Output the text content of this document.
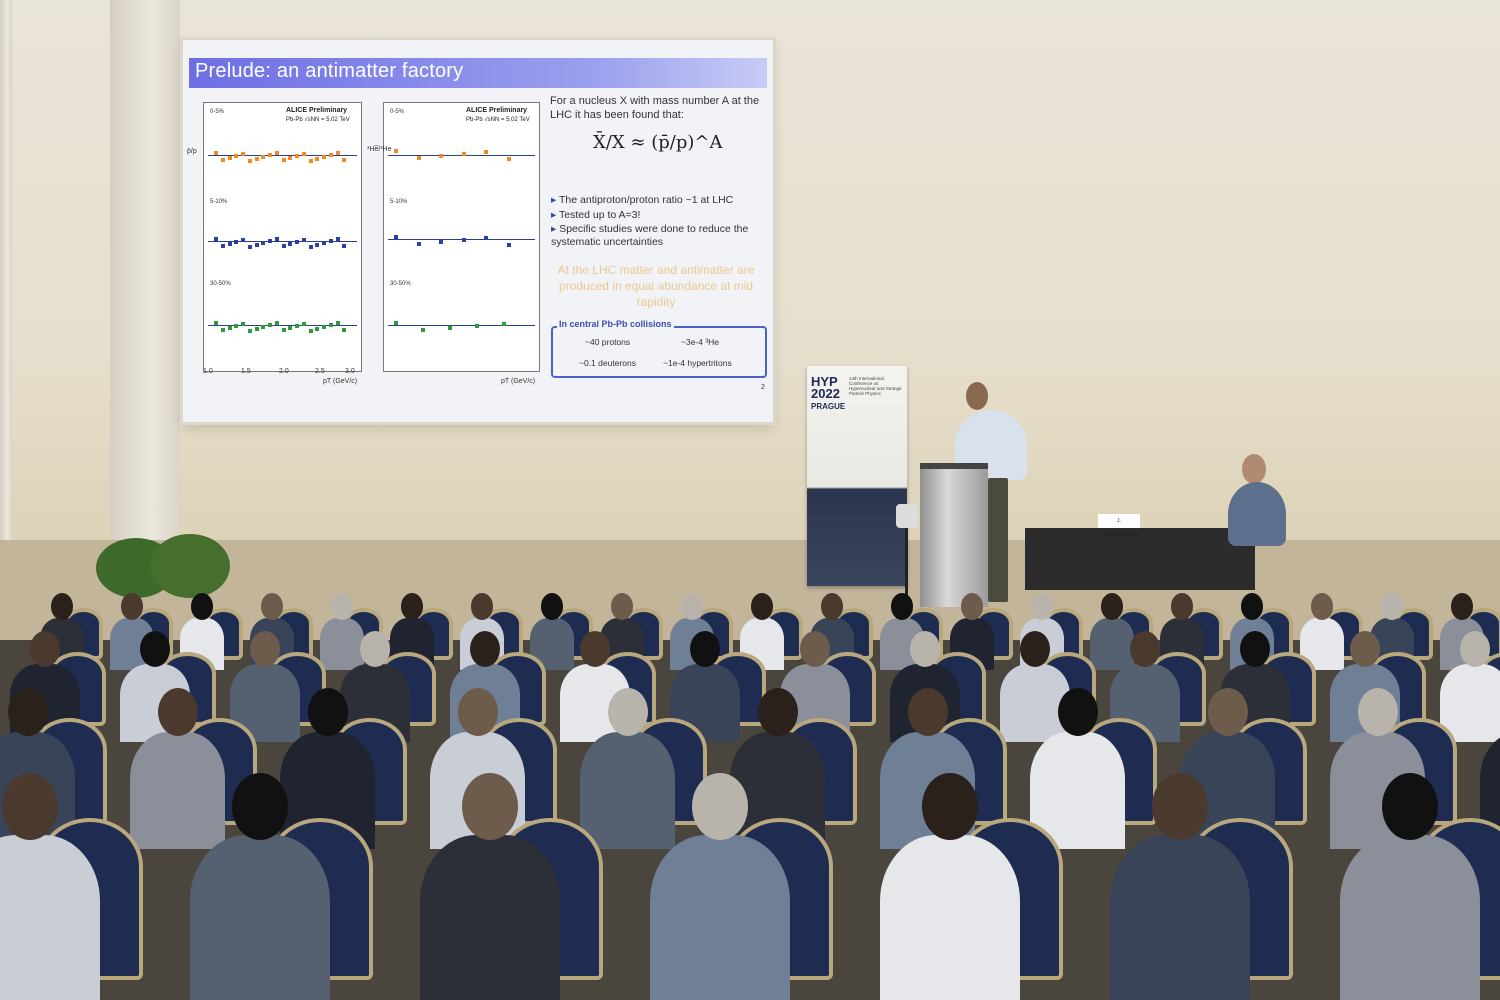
Prelude: an antimatter factory
ALICE Preliminary
Pb-Pb √sNN = 5.02 TeV
0-5%
5-10%
30-50%
pT (GeV/c)
1.0	1.5	2.0	2.5	3.0
p̄/p
ALICE Preliminary
Pb-Pb √sNN = 5.02 TeV
0-5%
5-10%
30-50%
pT (GeV/c)
³He̅/³He
For a nucleus X with mass number A at the LHC it has been found that:
X̄/X ≈ (p̄/p)^A
▸ The antiproton/proton ratio ~1 at LHC
▸ Tested up to A=3!
▸ Specific studies were done to reduce the systematic uncertainties
At the LHC matter and antimatter are produced in equal abundance at mid rapidity
In central Pb-Pb collisions
~40 protons	~3e-4 ³He
~0.1 deuterons	~1e-4 hypertritons
2	HYP
2022
PRAGUE
14th International Conference on Hypernuclear and Strange Particle Physics
J. POCHODZALLA
